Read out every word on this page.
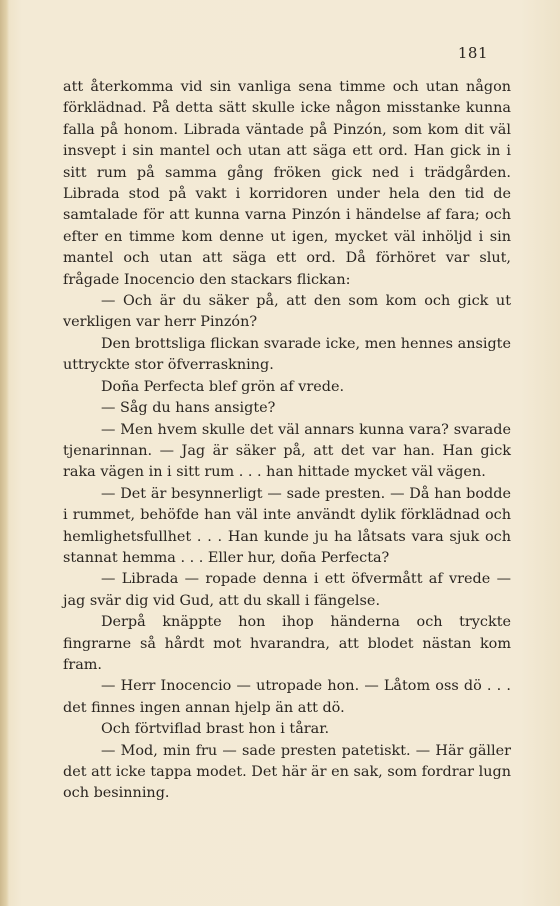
181

att återkomma vid sin vanliga sena timme och utan någon förklädnad. På detta sätt skulle icke någon misstanke kunna falla på honom. Librada väntade på Pinzón, som kom dit väl insvept i sin mantel och utan att säga ett ord. Han gick in i sitt rum på samma gång fröken gick ned i trädgården. Librada stod på vakt i korridoren under hela den tid de samtalade för att kunna varna Pinzón i händelse af fara; och efter en timme kom denne ut igen, mycket väl inhöljd i sin mantel och utan att säga ett ord. Då förhöret var slut, frågade Inocencio den stackars flickan:

— Och är du säker på, att den som kom och gick ut verkligen var herr Pinzón?

Den brottsliga flickan svarade icke, men hennes ansigte uttryckte stor öfverraskning.

Doña Perfecta blef grön af vrede.

— Såg du hans ansigte?

— Men hvem skulle det väl annars kunna vara? svarade tjenarinnan. — Jag är säker på, att det var han. Han gick raka vägen in i sitt rum . . . han hittade mycket väl vägen.

— Det är besynnerligt — sade presten. — Då han bodde i rummet, behöfde han väl inte användt dylik förklädnad och hemlighetsfullhet . . . Han kunde ju ha låtsats vara sjuk och stannat hemma . . . Eller hur, doña Perfecta?

— Librada — ropade denna i ett öfvermått af vrede — jag svär dig vid Gud, att du skall i fängelse.

Derpå knäppte hon ihop händerna och tryckte fingrarne så hårdt mot hvarandra, att blodet nästan kom fram.

— Herr Inocencio — utropade hon. — Låtom oss dö . . . det finnes ingen annan hjelp än att dö.

Och förtviflad brast hon i tårar.

— Mod, min fru — sade presten patetiskt. — Här gäller det att icke tappa modet. Det här är en sak, som fordrar lugn och besinning.
